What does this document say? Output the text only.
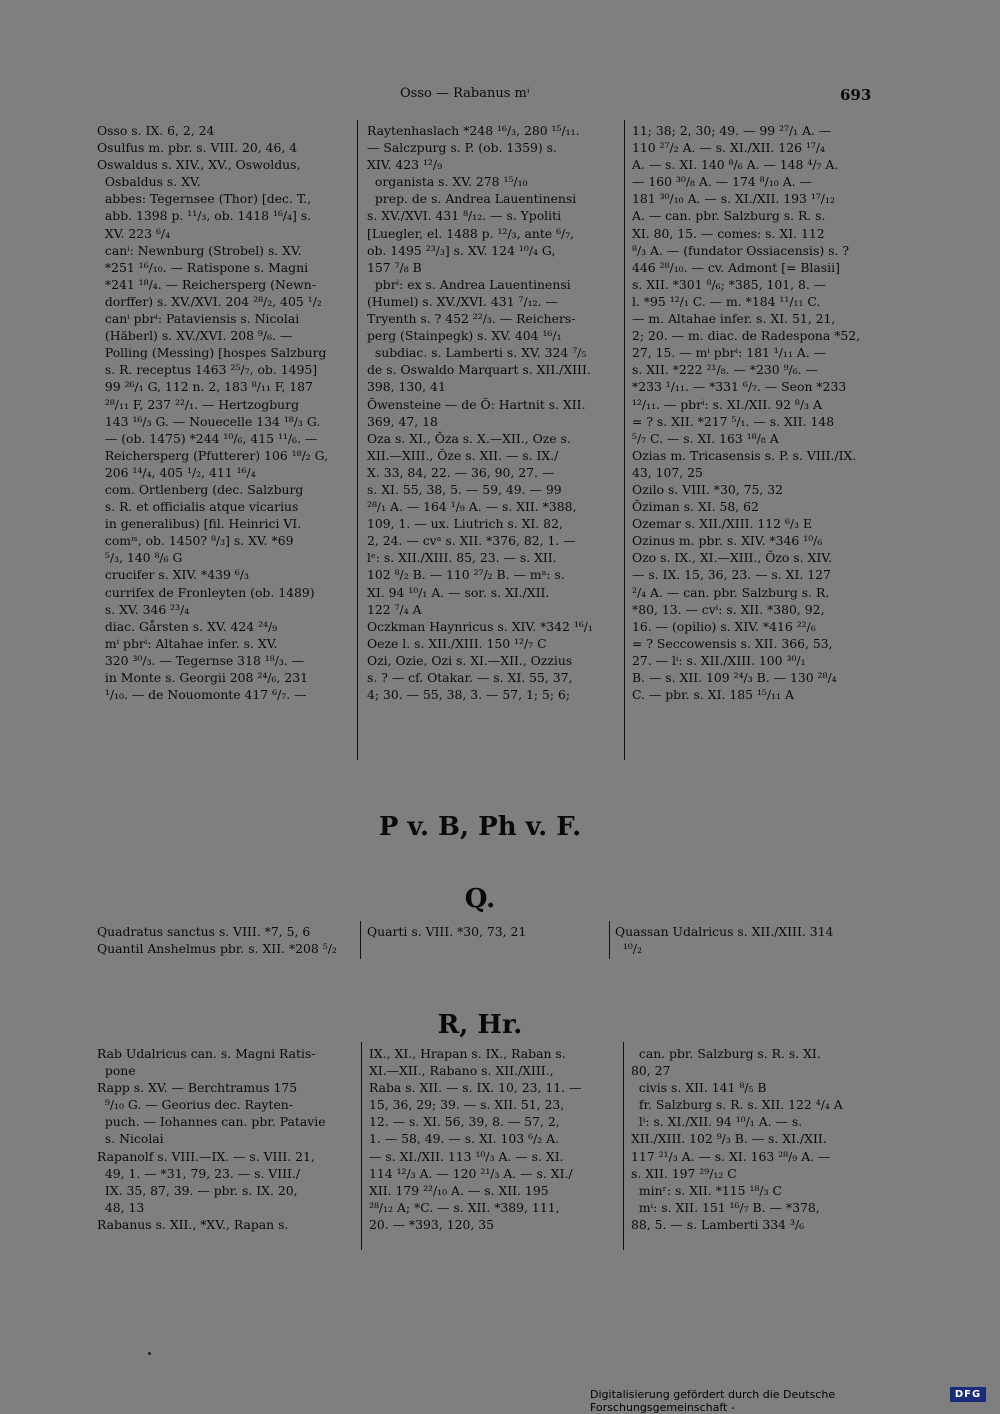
Osso — Rabanus mⁱ	693
Osso s. IX. 6, 2, 24
Osulfus m. pbr. s. VIII. 20, 46, 4
Oswaldus s. XIV., XV., Oswoldus,
Osbaldus s. XV.
abbes: Tegernsee (Thor) [dec. T.,
abb. 1398 p. ¹¹/₃, ob. 1418 ¹⁶/₄] s.
XV. 223 ⁶/₄
canⁱ: Newnburg (Strobel) s. XV.
*251 ¹⁶/₁₀. — Ratispone s. Magni
*241 ¹⁸/₄. — Reichersperg (Newn-
dorffer) s. XV./XVI. 204 ²⁸/₂, 405 ¹/₂
canⁱ pbrⁱ: Pataviensis s. Nicolai
(Häberl) s. XV./XVI. 208 ⁹/₆. —
Polling (Messing) [hospes Salzburg
s. R. receptus 1463 ²⁵/₇, ob. 1495]
99 ²⁶/₁ G, 112 n. 2, 183 ⁸/₁₁ F, 187
²⁸/₁₁ F, 237 ²²/₁. — Hertzogburg
143 ¹⁶/₃ G. — Nouecelle 134 ¹⁸/₃ G.
— (ob. 1475) *244 ¹⁰/₆, 415 ¹¹/₆. —
Reichersperg (Pfutterer) 106 ¹⁸/₂ G,
206 ¹⁴/₄, 405 ¹/₂, 411 ¹⁶/₄
com. Ortlenberg (dec. Salzburg
s. R. et officialis atque vicarius
in generalibus) [fil. Heinrici VI.
comⁱˢ, ob. 1450? ⁸/₃] s. XV. *69
⁵/₃, 140 ⁸/₆ G
crucifer s. XIV. *439 ⁶/₃
currifex de Fronleyten (ob. 1489)
s. XV. 346 ²³/₄
diac. Gårsten s. XV. 424 ²⁴/₉
mⁱ pbrⁱ: Altahae infer. s. XV.
320 ³⁰/₃. — Tegernse 318 ¹⁸/₃. —
in Monte s. Georgii 208 ²⁴/₆, 231
¹/₁₀. — de Nouomonte 417 ⁶/₇. —
Raytenhaslach *248 ¹⁶/₃, 280 ¹⁵/₁₁.
— Salczpurg s. P. (ob. 1359) s.
XIV. 423 ¹²/₉
organista s. XV. 278 ¹⁵/₁₀
prep. de s. Andrea Lauentinensi
s. XV./XVI. 431 ⁸/₁₂. — s. Ypoliti
[Luegler, el. 1488 p. ¹²/₃, ante ⁶/₇,
ob. 1495 ²³/₃] s. XV. 124 ¹⁰/₄ G,
157 ⁷/₈ B
pbrⁱ: ex s. Andrea Lauentinensi
(Humel) s. XV./XVI. 431 ⁷/₁₂. —
Tryenth s. ? 452 ²²/₃. — Reichers-
perg (Stainpegk) s. XV. 404 ¹⁶/₁
subdiac. s. Lamberti s. XV. 324 ⁷/₅
de s. Oswaldo Marquart s. XII./XIII.
398, 130, 41
Ŏwensteine — de Ŏ: Hartnit s. XII.
369, 47, 18
Oza s. XI., Ŏza s. X.—XII., Oze s.
XII.—XIII., Ŏze s. XII. — s. IX./
X. 33, 84, 22. — 36, 90, 27. —
s. XI. 55, 38, 5. — 59, 49. — 99
²⁸/₁ A. — 164 ¹/₉ A. — s. XII. *388,
109, 1. — ux. Liutrich s. XI. 82,
2, 24. — cvᵃ s. XII. *376, 82, 1. —
lᵉ: s. XII./XIII. 85, 23. — s. XII.
102 ⁸/₂ B. — 110 ²⁷/₂ B. — mᵃ: s.
XI. 94 ¹⁰/₁ A. — sor. s. XI./XII.
122 ⁷/₄ A
Oczkman Haynricus s. XIV. *342 ¹⁶/₁
Oeze l. s. XII./XIII. 150 ¹²/₇ C
Ozi, Ozie, Ozi s. XI.—XII., Ozzius
s. ? — cf. Otakar. — s. XI. 55, 37,
4; 30. — 55, 38, 3. — 57, 1; 5; 6;
11; 38; 2, 30; 49. — 99 ²⁷/₁ A. —
110 ²⁷/₂ A. — s. XI./XII. 126 ¹⁷/₄
A. — s. XI. 140 ⁸/₆ A. — 148 ⁴/₇ A.
— 160 ³⁰/₈ A. — 174 ⁸/₁₀ A. —
181 ³⁰/₁₀ A. — s. XI./XII. 193 ¹⁷/₁₂
A. — can. pbr. Salzburg s. R. s.
XI. 80, 15. — comes: s. XI. 112
⁸/₃ A. — (fundator Ossiacensis) s. ?
446 ²⁸/₁₀. — cv. Admont [= Blasii]
s. XII. *301 ⁸/₆; *385, 101, 8. —
l. *95 ¹²/₁ C. — m. *184 ¹¹/₁₁ C.
— m. Altahae infer. s. XI. 51, 21,
2; 20. — m. diac. de Radespona *52,
27, 15. — mⁱ pbrⁱ: 181 ¹/₁₁ A. —
s. XII. *222 ²¹/₈. — *230 ⁹/₆. —
*233 ¹/₁₁. — *331 ⁶/₇. — Seon *233
¹²/₁₁. — pbrⁱ: s. XI./XII. 92 ⁸/₃ A
= ? s. XII. *217 ⁵/₁. — s. XII. 148
⁵/₇ C. — s. XI. 163 ¹⁸/₈ A
Ozias m. Tricasensis s. P. s. VIII./IX.
43, 107, 25
Ozilo s. VIII. *30, 75, 32
Ŏziman s. XI. 58, 62
Ozemar s. XII./XIII. 112 ⁶/₃ E
Ozinus m. pbr. s. XIV. *346 ¹⁰/₆
Ozo s. IX., XI.—XIII., Ŏzo s. XIV.
— s. IX. 15, 36, 23. — s. XI. 127
²/₄ A. — can. pbr. Salzburg s. R.
*80, 13. — cvⁱ: s. XII. *380, 92,
16. — (opilio) s. XIV. *416 ²²/₆
= ? Seccowensis s. XII. 366, 53,
27. — lⁱ: s. XII./XIII. 100 ³⁰/₁
B. — s. XII. 109 ²⁴/₃ B. — 130 ²⁸/₄
C. — pbr. s. XI. 185 ¹⁵/₁₁ A
P v. B, Ph v. F.
Q.
Quadratus sanctus s. VIII. *7, 5, 6
Quantil Anshelmus pbr. s. XII. *208 ⁵/₂
Quarti s. VIII. *30, 73, 21	Quassan Udalricus s. XII./XIII. 314
¹⁰/₂
R, Hr.
Rab Udalricus can. s. Magni Ratis-
pone
Rapp s. XV. — Berchtramus 175
⁹/₁₀ G. — Georius dec. Rayten-
puch. — Iohannes can. pbr. Patavie
s. Nicolai
Rapanolf s. VIII.—IX. — s. VIII. 21,
49, 1. — *31, 79, 23. — s. VIII./
IX. 35, 87, 39. — pbr. s. IX. 20,
48, 13
Rabanus s. XII., *XV., Rapan s.
IX., XI., Hrapan s. IX., Raban s.
XI.—XII., Rabano s. XII./XIII.,
Raba s. XII. — s. IX. 10, 23, 11. —
15, 36, 29; 39. — s. XII. 51, 23,
12. — s. XI. 56, 39, 8. — 57, 2,
1. — 58, 49. — s. XI. 103 ⁶/₂ A.
— s. XI./XII. 113 ¹⁰/₃ A. — s. XI.
114 ¹²/₃ A. — 120 ²¹/₃ A. — s. XI./
XII. 179 ²²/₁₀ A. — s. XII. 195
²⁸/₁₂ A; *C. — s. XII. *389, 111,
20. — *393, 120, 35
can. pbr. Salzburg s. R. s. XI.
80, 27
civis s. XII. 141 ⁸/₅ B
fr. Salzburg s. R. s. XII. 122 ⁴/₄ A
lⁱ: s. XI./XII. 94 ¹⁰/₁ A. — s.
XII./XIII. 102 ⁹/₃ B. — s. XI./XII.
117 ²¹/₃ A. — s. XI. 163 ²⁸/₉ A. —
s. XII. 197 ²⁹/₁₂ C
minʳ: s. XII. *115 ¹⁸/₃ C
mⁱ: s. XII. 151 ¹⁶/₇ B. — *378,
88, 5. — s. Lamberti 334 ³/₆
Digitalisierung gefördert durch die Deutsche Forschungsgemeinschaft -
DFG
